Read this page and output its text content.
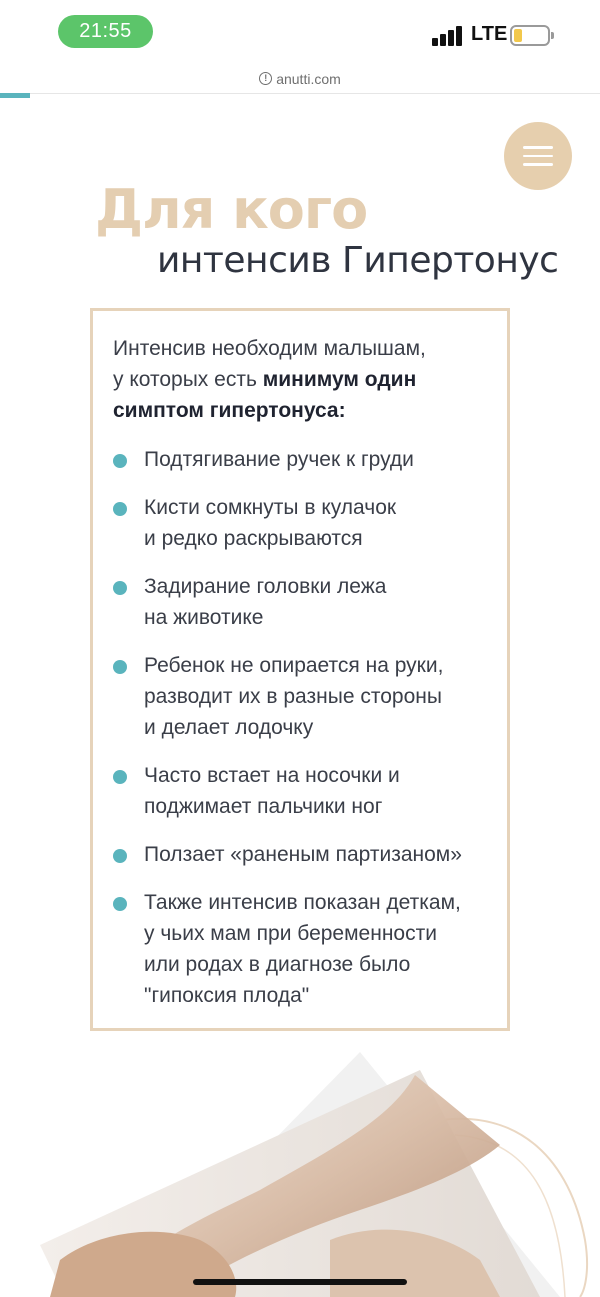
21:55	LTE
! anutti.com
Для кого
интенсив Гипертонус

Интенсив необходим малышам,
у которых есть минимум один симптом гипертонуса:

Подтягивание ручек к груди
Кисти сомкнуты в кулачок
и редко раскрываются
Задирание головки лежа
на животике
Ребенок не опирается на руки,
разводит их в разные стороны
и делает лодочку
Часто встает на носочки и
поджимает пальчики ног
Ползает «раненым партизаном»
Также интенсив показан деткам,
у чьих мам при беременности
или родах в диагнозе было
"гипоксия плода"
